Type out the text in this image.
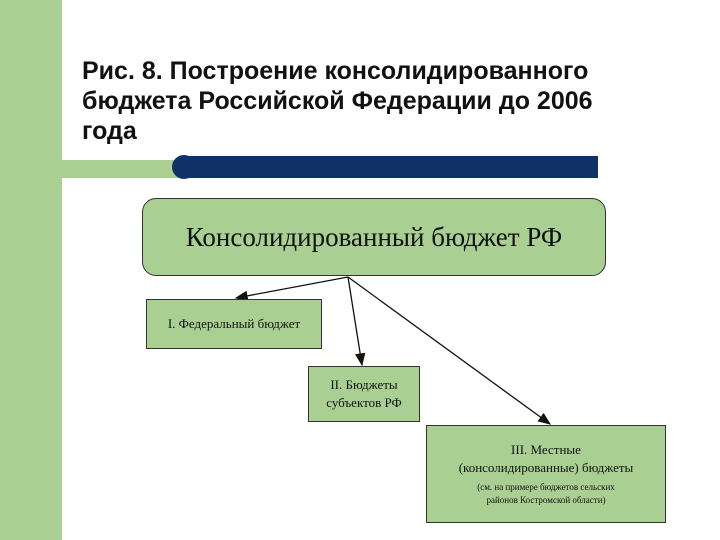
Рис. 8. Построение консолидированного
бюджета Российской Федерации до 2006
года
Консолидированный бюджет РФ
I. Федеральный бюджет
II. Бюджеты
субъектов РФ
III. Местные
(консолидированные) бюджеты
(см. на примере бюджетов сельских
районов Костромской области)
